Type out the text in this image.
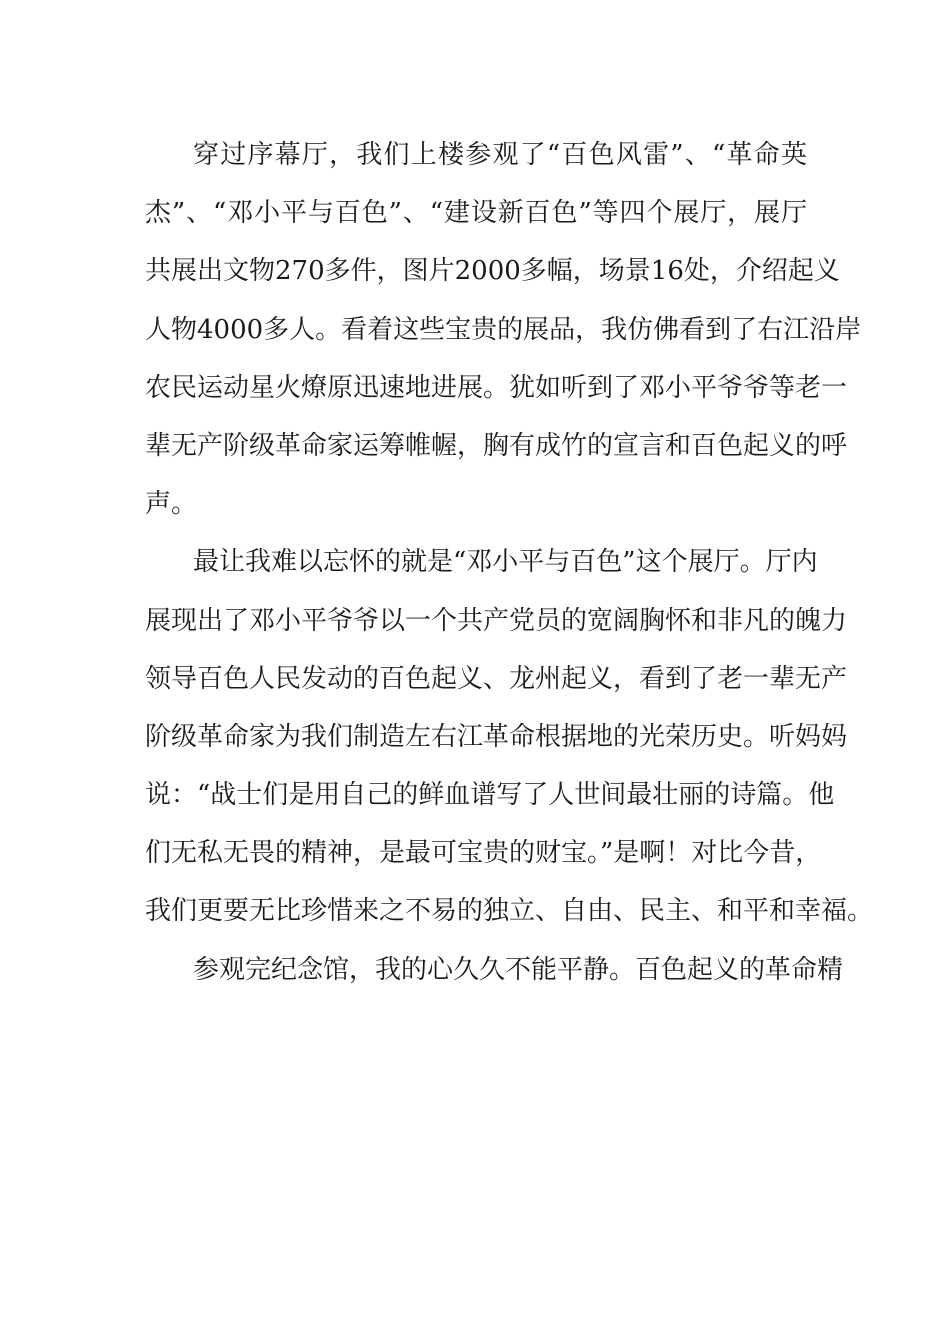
穿过序幕厅，我们上楼参观了“百色风雷”、“革命英
杰”、“邓小平与百色”、“建设新百色”等四个展厅，展厅
共展出文物270多件，图片2000多幅，场景16处，介绍起义
人物4000多人。看着这些宝贵的展品，我仿佛看到了右江沿岸
农民运动星火燎原迅速地进展。犹如听到了邓小平爷爷等老一
辈无产阶级革命家运筹帷幄，胸有成竹的宣言和百色起义的呼
声。
最让我难以忘怀的就是“邓小平与百色”这个展厅。厅内
展现出了邓小平爷爷以一个共产党员的宽阔胸怀和非凡的魄力
领导百色人民发动的百色起义、龙州起义，看到了老一辈无产
阶级革命家为我们制造左右江革命根据地的光荣历史。听妈妈
说：“战士们是用自己的鲜血谱写了人世间最壮丽的诗篇。他
们无私无畏的精神，是最可宝贵的财宝。”是啊！对比今昔，
我们更要无比珍惜来之不易的独立、自由、民主、和平和幸福。
参观完纪念馆，我的心久久不能平静。百色起义的革命精
